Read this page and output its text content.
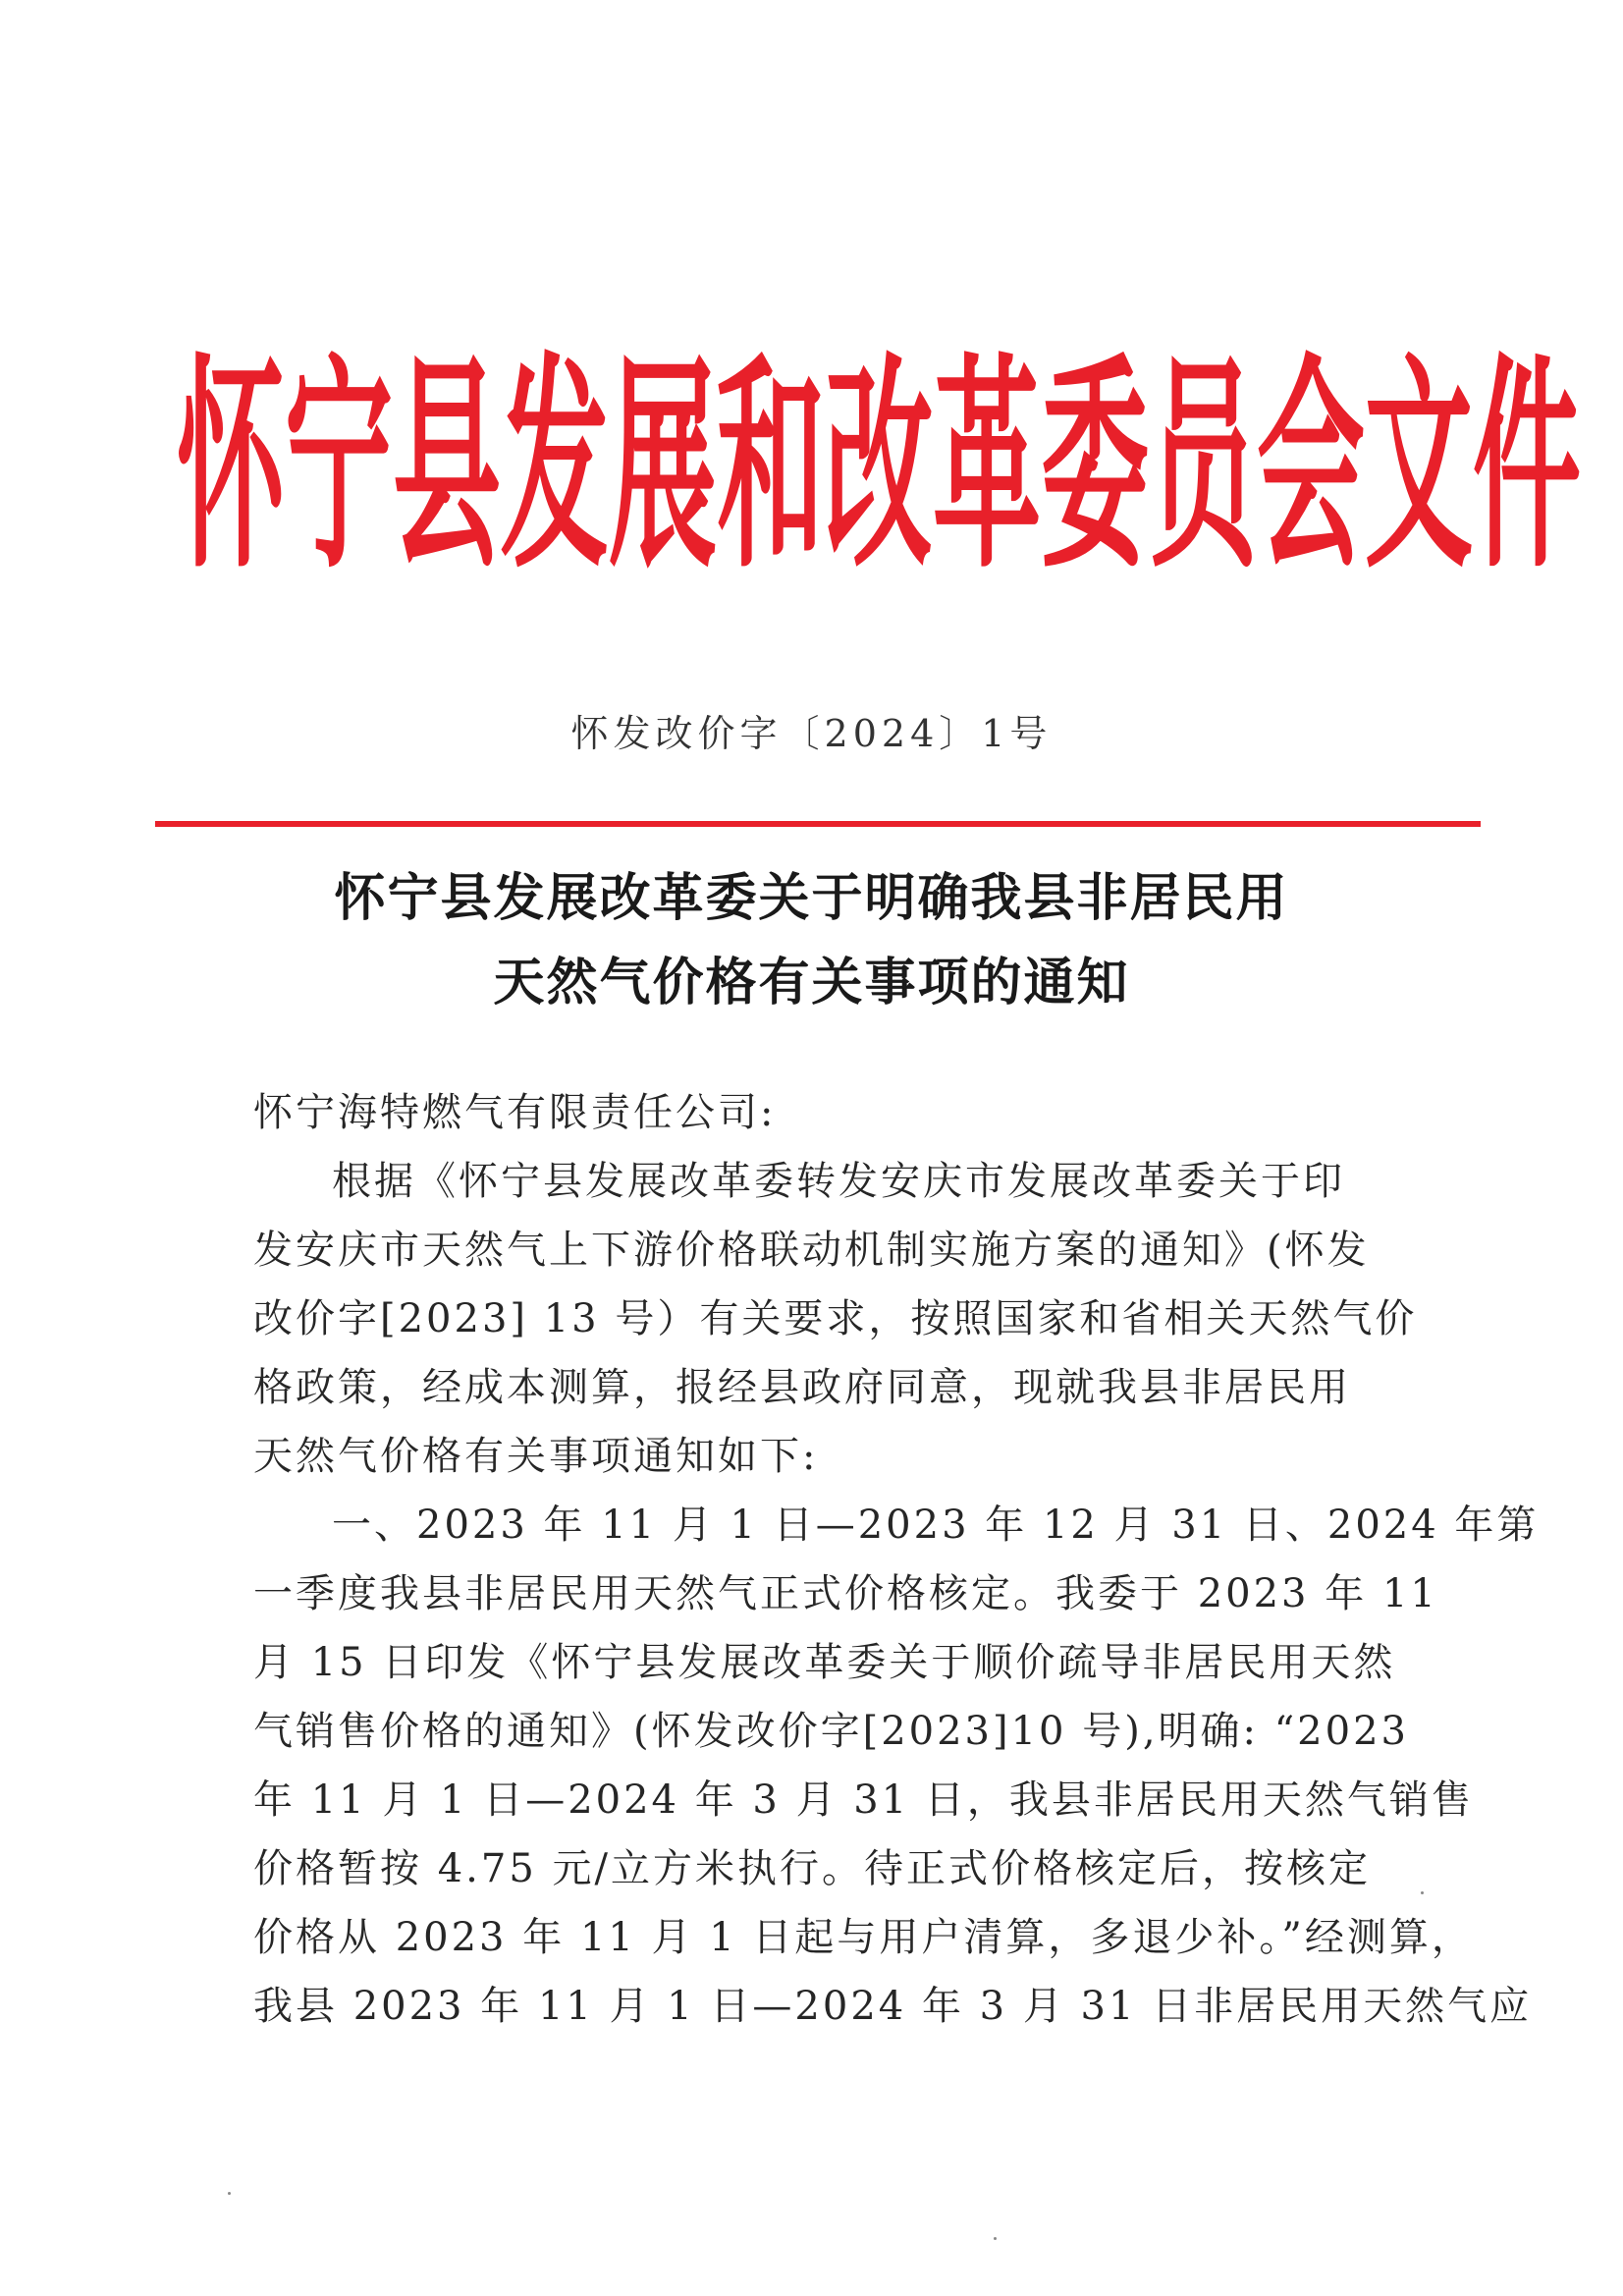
怀 宁 县 发 展 和 改 革 委 员 会 文 件
怀发改价字〔2024〕1号
怀宁县发展改革委关于明确我县非居民用
天然气价格有关事项的通知
怀宁海特燃气有限责任公司:
根据《怀宁县发展改革委转发安庆市发展改革委关于印
发安庆市天然气上下游价格联动机制实施方案的通知》(怀发
改价字[2023] 13 号）有关要求，按照国家和省相关天然气价
格政策，经成本测算，报经县政府同意，现就我县非居民用
天然气价格有关事项通知如下:
一、2023 年 11 月 1 日—2023 年 12 月 31 日、2024 年第
一季度我县非居民用天然气正式价格核定。我委于 2023 年 11
月 15 日印发《怀宁县发展改革委关于顺价疏导非居民用天然
气销售价格的通知》(怀发改价字[2023]10 号),明确: “2023
年 11 月 1 日—2024 年 3 月 31 日，我县非居民用天然气销售
价格暂按 4.75 元/立方米执行。待正式价格核定后，按核定
价格从 2023 年 11 月 1 日起与用户清算，多退少补。”经测算，
我县 2023 年 11 月 1 日—2024 年 3 月 31 日非居民用天然气应
